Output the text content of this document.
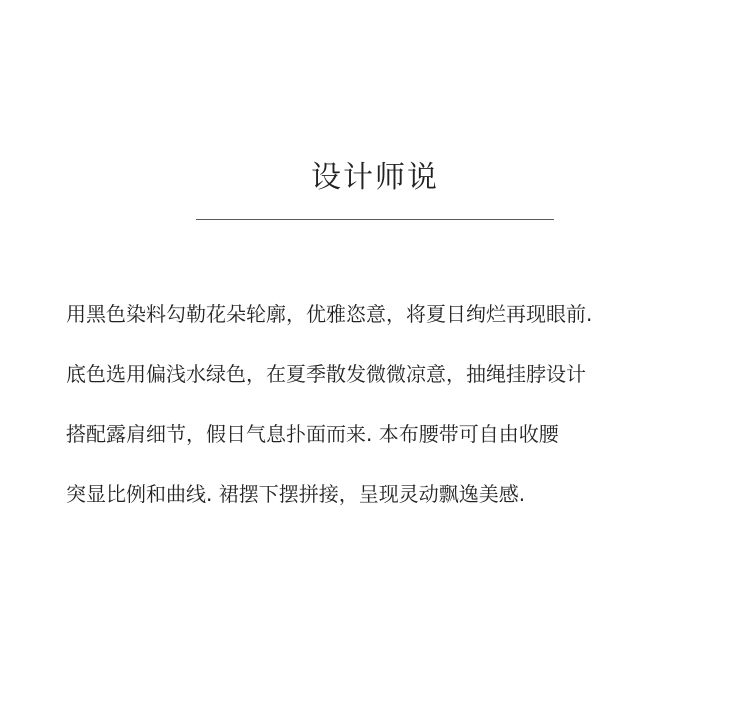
设计师说
用黑色染料勾勒花朵轮廓，优雅恣意，将夏日绚烂再现眼前.
底色选用偏浅水绿色，在夏季散发微微凉意，抽绳挂脖设计
搭配露肩细节，假日气息扑面而来. 本布腰带可自由收腰
突显比例和曲线. 裙摆下摆拼接，呈现灵动飘逸美感.
